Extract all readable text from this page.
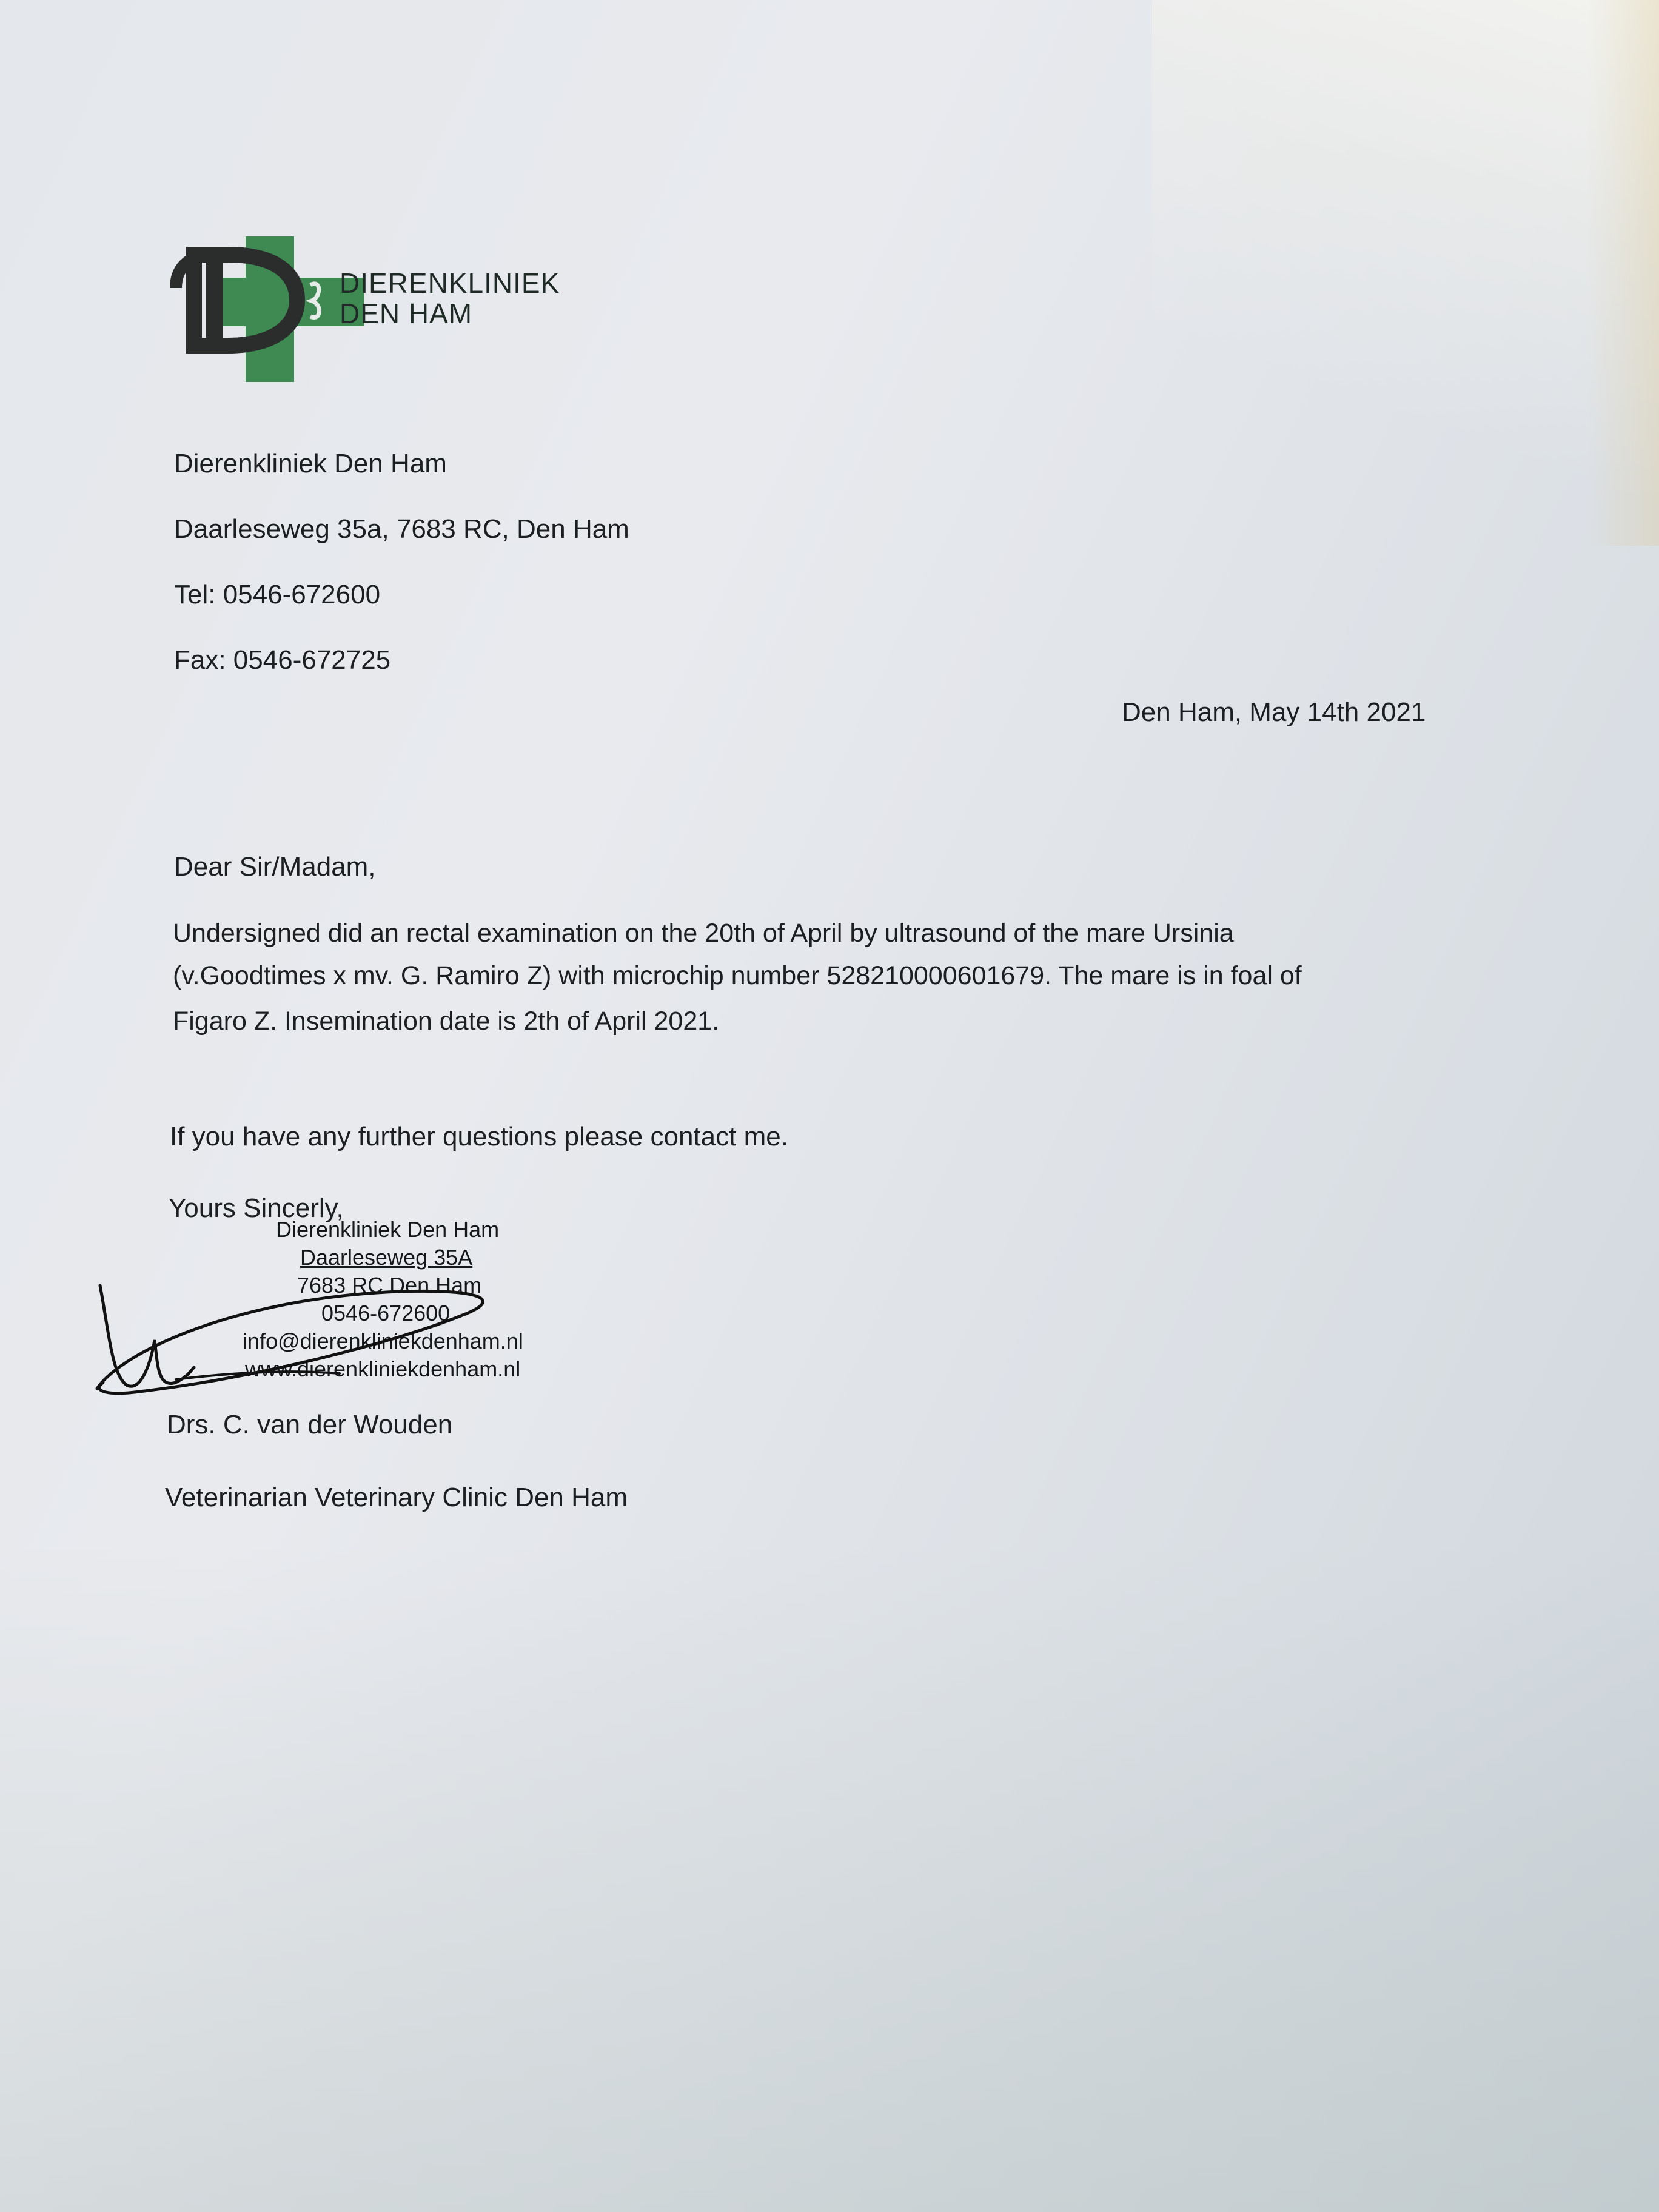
DIERENKLINIEK
DEN HAM
Dierenkliniek Den Ham
Daarleseweg 35a, 7683 RC, Den Ham
Tel: 0546-672600
Fax: 0546-672725
Den Ham, May 14th 2021
Dear Sir/Madam,
Undersigned did an rectal examination on the 20th of April by ultrasound of the mare Ursinia
(v.Goodtimes x mv. G. Ramiro Z) with microchip number 528210000601679. The mare is in foal of
Figaro Z. Insemination date is 2th of April 2021.
If you have any further questions please contact me.
Yours Sincerly,
Dierenkliniek Den Ham
Daarleseweg 35A
7683 RC Den Ham
0546-672600
info@dierenkliniekdenham.nl
www.dierenkliniekdenham.nl
Drs. C. van der Wouden
Veterinarian Veterinary Clinic Den Ham
